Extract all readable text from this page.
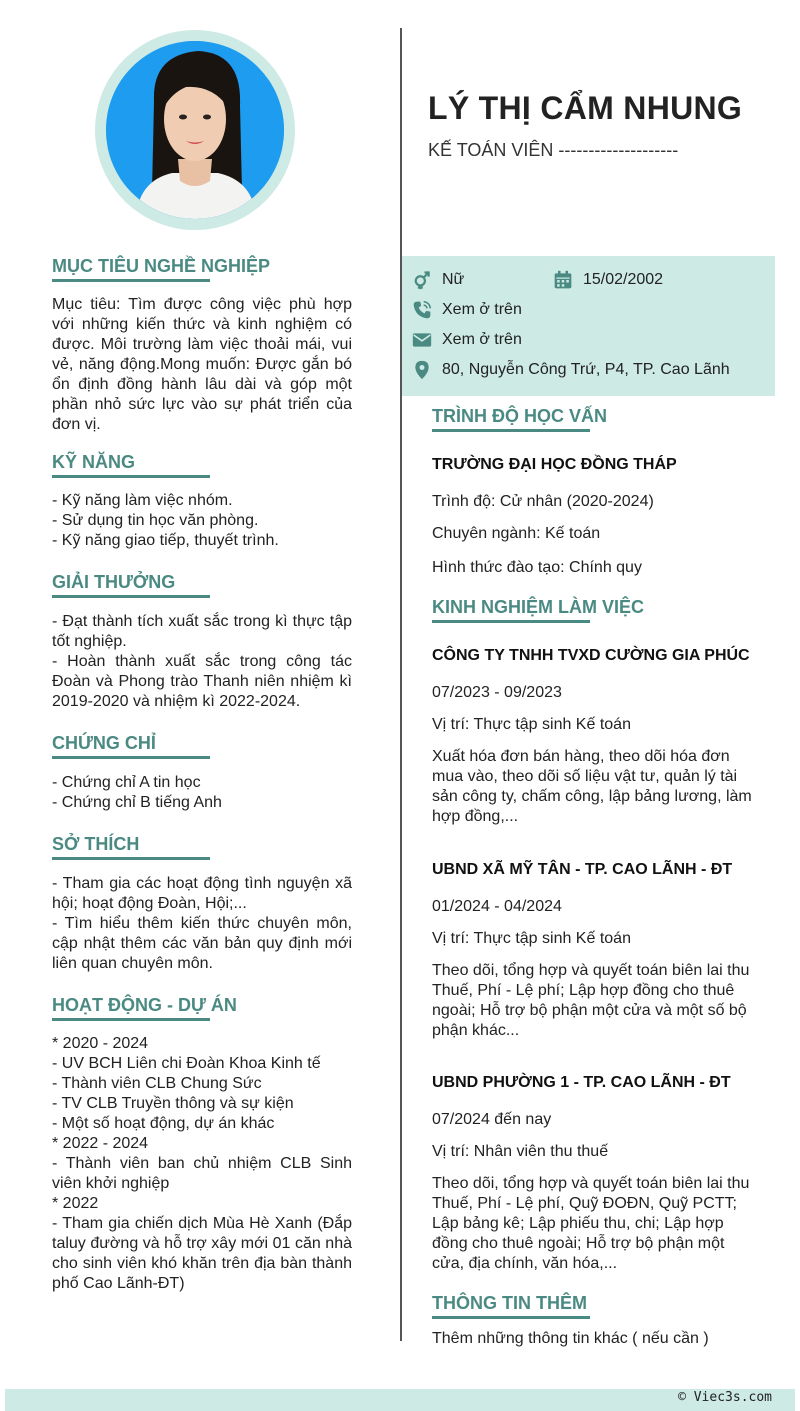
LÝ THỊ CẨM NHUNG
KẾ TOÁN VIÊN --------------------
Nữ	15/02/2002
Xem ở trên
Xem ở trên
80, Nguyễn Công Trứ, P4, TP. Cao Lãnh
MỤC TIÊU NGHỀ NGHIỆP
Mục tiêu: Tìm được công việc phù hợp với những kiến thức và kinh nghiệm có được. Môi trường làm việc thoải mái, vui vẻ, năng động.Mong muốn: Được gắn bó ổn định đồng hành lâu dài và góp một phần nhỏ sức lực vào sự phát triển của đơn vị.
KỸ NĂNG
- Kỹ năng làm việc nhóm.
- Sử dụng tin học văn phòng.
- Kỹ năng giao tiếp, thuyết trình.
GIẢI THƯỞNG
- Đạt thành tích xuất sắc trong kì thực tập tốt nghiệp.
- Hoàn thành xuất sắc trong công tác Đoàn và Phong trào Thanh niên nhiệm kì 2019-2020 và nhiệm kì 2022-2024.
CHỨNG CHỈ
- Chứng chỉ A tin học
- Chứng chỉ B tiếng Anh
SỞ THÍCH
- Tham gia các hoạt động tình nguyện xã hội; hoạt động Đoàn, Hội;...
- Tìm hiểu thêm kiến thức chuyên môn, cập nhật thêm các văn bản quy định mới liên quan chuyên môn.
HOẠT ĐỘNG - DỰ ÁN
* 2020 - 2024
- UV BCH Liên chi Đoàn Khoa Kinh tế
- Thành viên CLB Chung Sức
- TV CLB Truyền thông và sự kiện
- Một số hoạt động, dự án khác
* 2022 - 2024
- Thành viên ban chủ nhiệm CLB Sinh viên khởi nghiệp
* 2022
- Tham gia chiến dịch Mùa Hè Xanh (Đắp taluy đường và hỗ trợ xây mới 01 căn nhà cho sinh viên khó khăn trên địa bàn thành phố Cao Lãnh-ĐT)
TRÌNH ĐỘ HỌC VẤN
TRƯỜNG ĐẠI HỌC ĐỒNG THÁP
Trình độ: Cử nhân (2020-2024)
Chuyên ngành: Kế toán
Hình thức đào tạo: Chính quy
KINH NGHIỆM LÀM VIỆC
CÔNG TY TNHH TVXD CƯỜNG GIA PHÚC
07/2023 - 09/2023
Vị trí: Thực tập sinh Kế toán
Xuất hóa đơn bán hàng, theo dõi hóa đơn mua vào, theo dõi số liệu vật tư, quản lý tài sản công ty, chấm công, lập bảng lương, làm hợp đồng,...
UBND XÃ MỸ TÂN - TP. CAO LÃNH - ĐT
01/2024 - 04/2024
Vị trí: Thực tập sinh Kế toán
Theo dõi, tổng hợp và quyết toán biên lai thu Thuế, Phí - Lệ phí; Lập hợp đồng cho thuê ngoài; Hỗ trợ bộ phận một cửa và một số bộ phận khác...
UBND PHƯỜNG 1 - TP. CAO LÃNH - ĐT
07/2024 đến nay
Vị trí: Nhân viên thu thuế
Theo dõi, tổng hợp và quyết toán biên lai thu Thuế, Phí - Lệ phí, Quỹ ĐOĐN, Quỹ PCTT; Lập bảng kê; Lập phiếu thu, chi; Lập hợp đồng cho thuê ngoài; Hỗ trợ bộ phận một cửa, địa chính, văn hóa,...
THÔNG TIN THÊM
Thêm những thông tin khác ( nếu cần )
© Viec3s.com
